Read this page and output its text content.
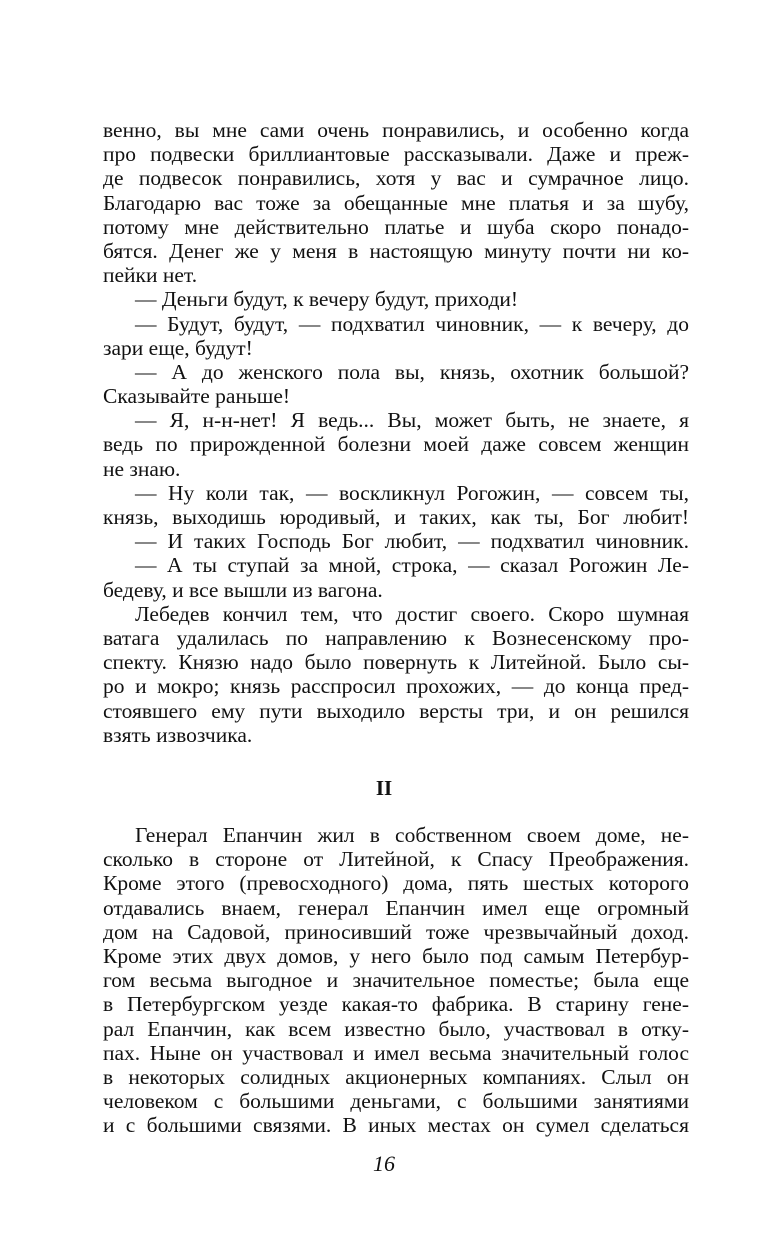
венно, вы мне сами очень понравились, и особенно когда
про подвески бриллиантовые рассказывали. Даже и преж-
де подвесок понравились, хотя у вас и сумрачное лицо.
Благодарю вас тоже за обещанные мне платья и за шубу,
потому мне действительно платье и шуба скоро понадо-
бятся. Денег же у меня в настоящую минуту почти ни ко-
пейки нет.
— Деньги будут, к вечеру будут, приходи!
— Будут, будут, — подхватил чиновник, — к вечеру, до
зари еще, будут!
— А до женского пола вы, князь, охотник большой?
Сказывайте раньше!
— Я, н-н-нет! Я ведь... Вы, может быть, не знаете, я
ведь по прирожденной болезни моей даже совсем женщин
не знаю.
— Ну коли так, — воскликнул Рогожин, — совсем ты,
князь, выходишь юродивый, и таких, как ты, Бог любит!
— И таких Господь Бог любит, — подхватил чиновник.
— А ты ступай за мной, строка, — сказал Рогожин Ле-
бедеву, и все вышли из вагона.
Лебедев кончил тем, что достиг своего. Скоро шумная
ватага удалилась по направлению к Вознесенскому про-
спекту. Князю надо было повернуть к Литейной. Было сы-
ро и мокро; князь расспросил прохожих, — до конца пред-
стоявшего ему пути выходило версты три, и он решился
взять извозчика.
II
Генерал Епанчин жил в собственном своем доме, не-
сколько в стороне от Литейной, к Спасу Преображения.
Кроме этого (превосходного) дома, пять шестых которого
отдавались внаем, генерал Епанчин имел еще огромный
дом на Садовой, приносивший тоже чрезвычайный доход.
Кроме этих двух домов, у него было под самым Петербур-
гом весьма выгодное и значительное поместье; была еще
в Петербургском уезде какая-то фабрика. В старину гене-
рал Епанчин, как всем известно было, участвовал в отку-
пах. Ныне он участвовал и имел весьма значительный голос
в некоторых солидных акционерных компаниях. Слыл он
человеком с большими деньгами, с большими занятиями
и с большими связями. В иных местах он сумел сделаться
16
